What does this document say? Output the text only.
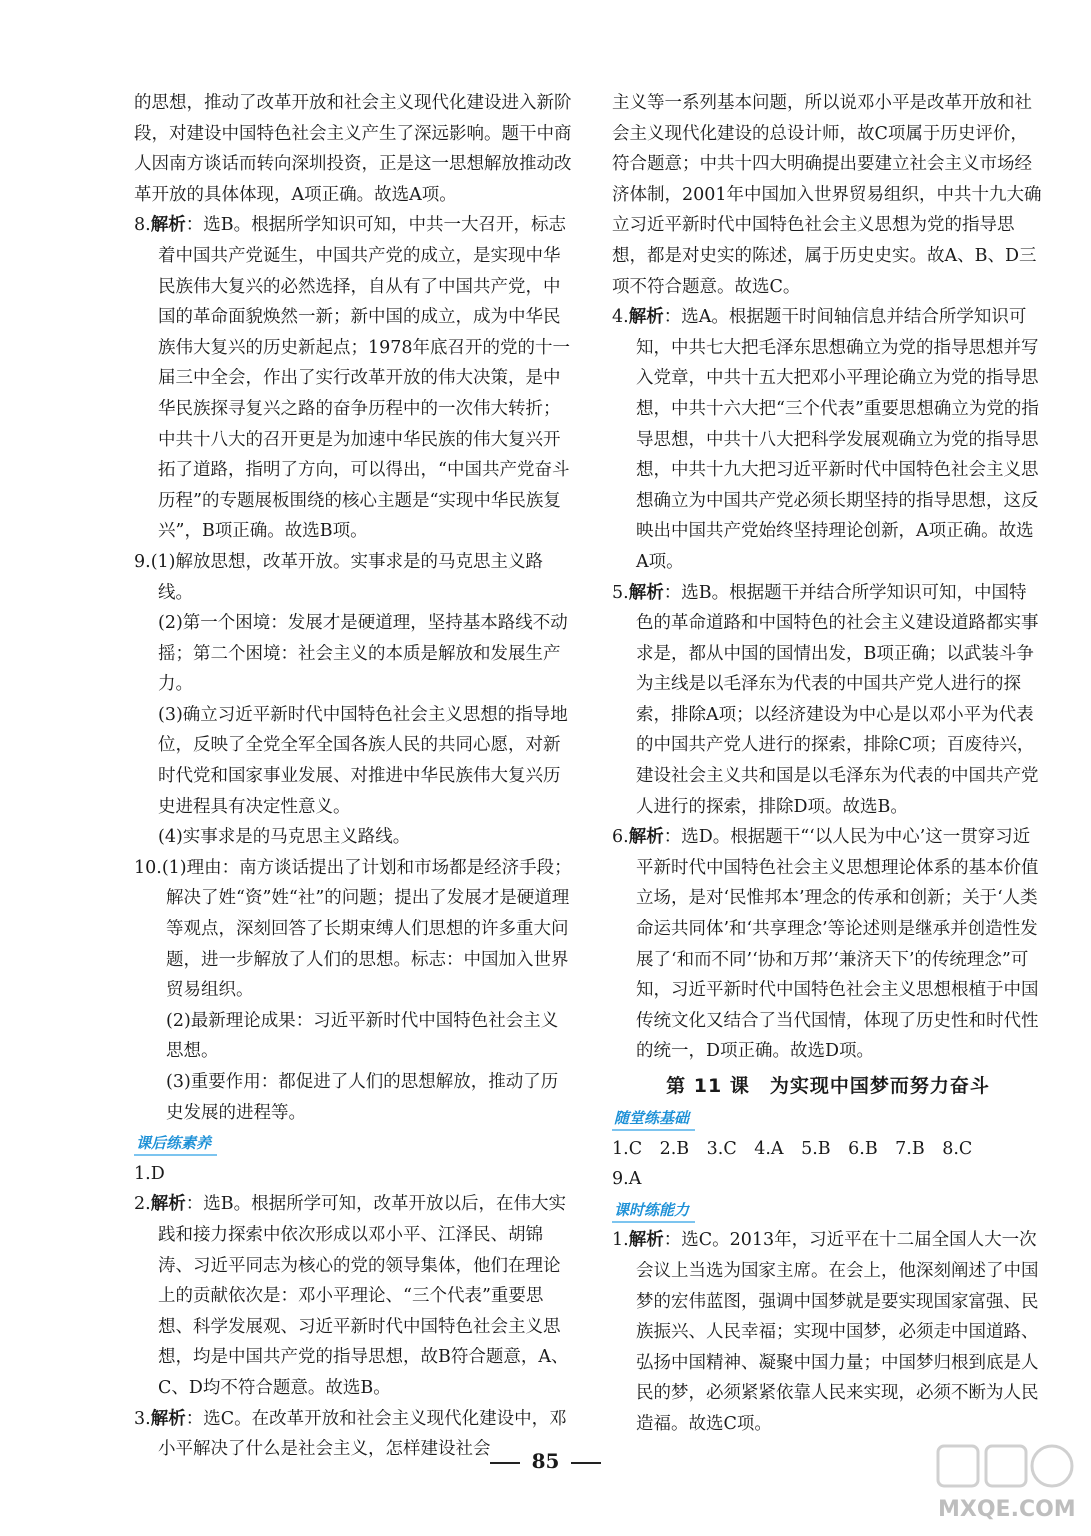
的思想，推动了改革开放和社会主义现代化建设进入新阶段，对建设中国特色社会主义产生了深远影响。题干中商人因南方谈话而转向深圳投资，正是这一思想解放推动改革开放的具体体现，A项正确。故选A项。

8.解析：选B。根据所学知识可知，中共一大召开，标志着中国共产党诞生，中国共产党的成立，是实现中华民族伟大复兴的必然选择，自从有了中国共产党，中国的革命面貌焕然一新；新中国的成立，成为中华民族伟大复兴的历史新起点；1978年底召开的党的十一届三中全会，作出了实行改革开放的伟大决策，是中华民族探寻复兴之路的奋争历程中的一次伟大转折；中共十八大的召开更是为加速中华民族的伟大复兴开拓了道路，指明了方向，可以得出，“中国共产党奋斗历程”的专题展板围绕的核心主题是“实现中华民族复兴”，B项正确。故选B项。

9.(1)解放思想，改革开放。实事求是的马克思主义路线。

(2)第一个困境：发展才是硬道理，坚持基本路线不动摇；第二个困境：社会主义的本质是解放和发展生产力。

(3)确立习近平新时代中国特色社会主义思想的指导地位，反映了全党全军全国各族人民的共同心愿，对新时代党和国家事业发展、对推进中华民族伟大复兴历史进程具有决定性意义。

(4)实事求是的马克思主义路线。

10.(1)理由：南方谈话提出了计划和市场都是经济手段；解决了姓“资”姓“社”的问题；提出了发展才是硬道理等观点，深刻回答了长期束缚人们思想的许多重大问题，进一步解放了人们的思想。标志：中国加入世界贸易组织。

(2)最新理论成果：习近平新时代中国特色社会主义思想。

(3)重要作用：都促进了人们的思想解放，推动了历史发展的进程等。

课后练素养

1.D

2.解析：选B。根据所学可知，改革开放以后，在伟大实践和接力探索中依次形成以邓小平、江泽民、胡锦涛、习近平同志为核心的党的领导集体，他们在理论上的贡献依次是：邓小平理论、“三个代表”重要思想、科学发展观、习近平新时代中国特色社会主义思想，均是中国共产党的指导思想，故B符合题意，A、C、D均不符合题意。故选B。

3.解析：选C。在改革开放和社会主义现代化建设中，邓小平解决了什么是社会主义，怎样建设社会

主义等一系列基本问题，所以说邓小平是改革开放和社会主义现代化建设的总设计师，故C项属于历史评价，符合题意；中共十四大明确提出要建立社会主义市场经济体制，2001年中国加入世界贸易组织，中共十九大确立习近平新时代中国特色社会主义思想为党的指导思想，都是对史实的陈述，属于历史史实。故A、B、D三项不符合题意。故选C。

4.解析：选A。根据题干时间轴信息并结合所学知识可知，中共七大把毛泽东思想确立为党的指导思想并写入党章，中共十五大把邓小平理论确立为党的指导思想，中共十六大把“三个代表”重要思想确立为党的指导思想，中共十八大把科学发展观确立为党的指导思想，中共十九大把习近平新时代中国特色社会主义思想确立为中国共产党必须长期坚持的指导思想，这反映出中国共产党始终坚持理论创新，A项正确。故选A项。

5.解析：选B。根据题干并结合所学知识可知，中国特色的革命道路和中国特色的社会主义建设道路都实事求是，都从中国的国情出发，B项正确；以武装斗争为主线是以毛泽东为代表的中国共产党人进行的探索，排除A项；以经济建设为中心是以邓小平为代表的中国共产党人进行的探索，排除C项；百废待兴，建设社会主义共和国是以毛泽东为代表的中国共产党人进行的探索，排除D项。故选B。

6.解析：选D。根据题干“‘以人民为中心’这一贯穿习近平新时代中国特色社会主义思想理论体系的基本价值立场，是对‘民惟邦本’理念的传承和创新；关于‘人类命运共同体’和‘共享理念’等论述则是继承并创造性发展了‘和而不同’‘协和万邦’‘兼济天下’的传统理念”可知，习近平新时代中国特色社会主义思想根植于中国传统文化又结合了当代国情，体现了历史性和时代性的统一，D项正确。故选D项。

第 11 课　为实现中国梦而努力奋斗
随堂练基础

1.C　2.B　3.C　4.A　5.B　6.B　7.B　8.C

9.A

课时练能力

1.解析：选C。2013年，习近平在十二届全国人大一次会议上当选为国家主席。在会上，他深刻阐述了中国梦的宏伟蓝图，强调中国梦就是要实现国家富强、民族振兴、人民幸福；实现中国梦，必须走中国道路、弘扬中国精神、凝聚中国力量；中国梦归根到底是人民的梦，必须紧紧依靠人民来实现，必须不断为人民造福。故选C项。

85
MXQE.COM
